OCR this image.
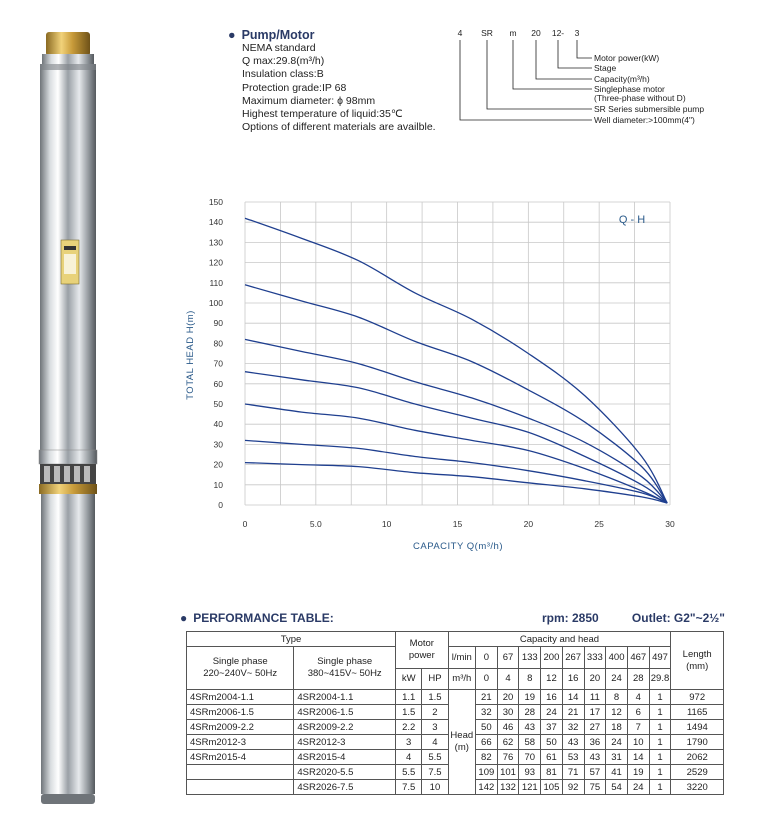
● Pump/Motor
NEMA standard
Q max:29.8(m³/h)
Insulation class:B
Protection grade:IP 68
Maximum diameter: ϕ 98mm
Highest temperature of liquid:35℃
Options of different materials are availble.
4 SR m 20 12- 3
Motor power(kW)
Stage
Capacity(m³/h)
Singlephase motor
(Three-phase without D)
SR Series submersible pump
Well diameter:>100mm(4")
0
10
20
30
40
50
60
70
80
90
100
110
120
130
140
150
0	5.0	10	15	20	25	30
Q - H
CAPACITY Q(m³/h)
TOTAL HEAD H(m)
● PERFORMANCE TABLE:	rpm: 2850	Outlet: G2"~2½"
Type		Motor power		Capacity and head										Length (mm)
Single phase 220~240V~ 50Hz	Single phase 380~415V~ 50Hz													
				l/min	0	67	133	200	267	333	400	467	497	
		kW	HP	m³/h	0	4	8	12	16	20	24	28	29.8	
4SRm2004-1.1	4SR2004-1.1	1.1	1.5	Head (m)	21	20	19	16	14	11	8	4	1	972
4SRm2006-1.5	4SR2006-1.5	1.5	2		32	30	28	24	21	17	12	6	1	1165
4SRm2009-2.2	4SR2009-2.2	2.2	3		50	46	43	37	32	27	18	7	1	1494
4SRm2012-3	4SR2012-3	3	4		66	62	58	50	43	36	24	10	1	1790
4SRm2015-4	4SR2015-4	4	5.5		82	76	70	61	53	43	31	14	1	2062
	4SR2020-5.5	5.5	7.5		109	101	93	81	71	57	41	19	1	2529
	4SR2026-7.5	7.5	10		142	132	121	105	92	75	54	24	1	3220
